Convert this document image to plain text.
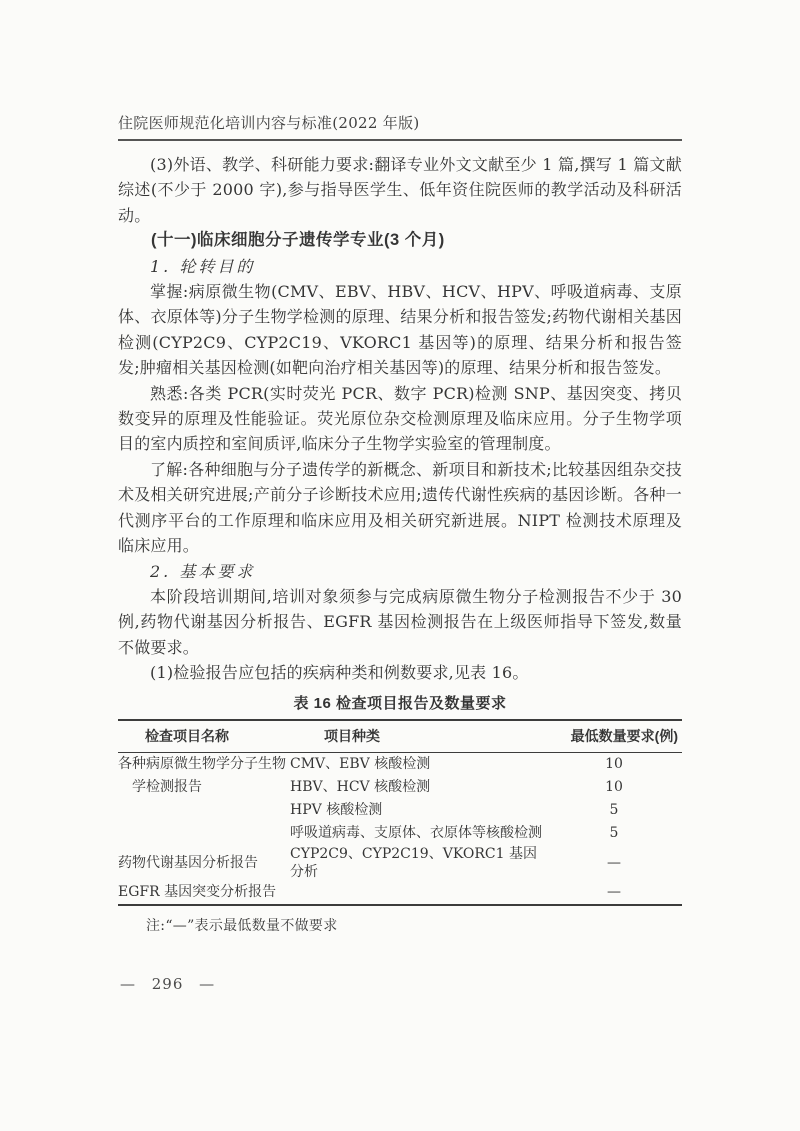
住院医师规范化培训内容与标准(2022 年版)

(3)外语、教学、科研能力要求:翻译专业外文文献至少 1 篇,撰写 1 篇文献综述(不少于 2000 字),参与指导医学生、低年资住院医师的教学活动及科研活动。

(十一)临床细胞分子遗传学专业(3 个月)

1. 轮转目的

掌握:病原微生物(CMV、EBV、HBV、HCV、HPV、呼吸道病毒、支原体、衣原体等)分子生物学检测的原理、结果分析和报告签发;药物代谢相关基因检测(CYP2C9、CYP2C19、VKORC1 基因等)的原理、结果分析和报告签发;肿瘤相关基因检测(如靶向治疗相关基因等)的原理、结果分析和报告签发。

熟悉:各类 PCR(实时荧光 PCR、数字 PCR)检测 SNP、基因突变、拷贝数变异的原理及性能验证。荧光原位杂交检测原理及临床应用。分子生物学项目的室内质控和室间质评,临床分子生物学实验室的管理制度。

了解:各种细胞与分子遗传学的新概念、新项目和新技术;比较基因组杂交技术及相关研究进展;产前分子诊断技术应用;遗传代谢性疾病的基因诊断。各种一代测序平台的工作原理和临床应用及相关研究新进展。NIPT 检测技术原理及临床应用。

2. 基本要求

本阶段培训期间,培训对象须参与完成病原微生物分子检测报告不少于 30 例,药物代谢基因分析报告、EGFR 基因检测报告在上级医师指导下签发,数量不做要求。

(1)检验报告应包括的疾病种类和例数要求,见表 16。

表 16 检查项目报告及数量要求
检查项目名称	项目种类	最低数量要求(例)
各种病原微生物学分子生物	CMV、EBV 核酸检测	10
学检测报告	HBV、HCV 核酸检测	10
	HPV 核酸检测	5
	呼吸道病毒、支原体、衣原体等核酸检测	5
药物代谢基因分析报告	CYP2C9、CYP2C19、VKORC1 基因分析	—
EGFR 基因突变分析报告		—

注:“—”表示最低数量不做要求

— 296 —
